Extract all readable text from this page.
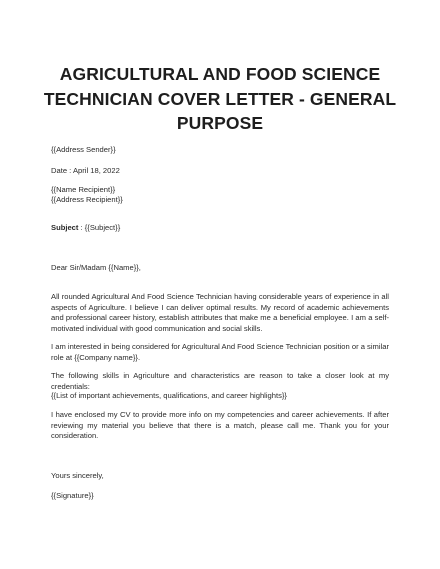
AGRICULTURAL AND FOOD SCIENCE TECHNICIAN COVER LETTER - GENERAL PURPOSE
{{Address Sender}}
Date : April 18, 2022
{{Name Recipient}}
{{Address Recipient}}
Subject : {{Subject}}
Dear Sir/Madam {{Name}},
All rounded Agricultural And Food Science Technician having considerable years of experience in all aspects of Agriculture. I believe I can deliver optimal results. My record of academic achievements and professional career history, establish attributes that make me a beneficial employee. I am a self-motivated individual with good communication and social skills.
I am interested in being considered for Agricultural And Food Science Technician position or a similar role at {{Company name}}.
The following skills in Agriculture and characteristics are reason to take a closer look at my credentials:
{{List of important achievements, qualifications, and career highlights}}
I have enclosed my CV to provide more info on my competencies and career achievements. If after reviewing my material you believe that there is a match, please call me. Thank you for your consideration.
Yours sincerely,
{{Signature}}
